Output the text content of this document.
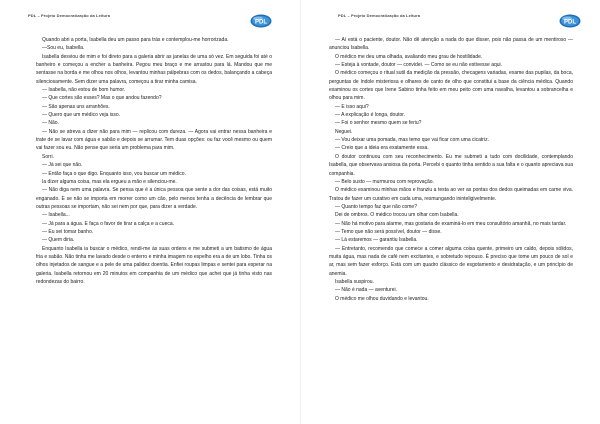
PDL – Projeto Democratização da Leitura
PDL

Quando abri a porta, Isabella deu um passo para trás e contemplou-me horrorizada.

—Sou eu, Isabella.

Isabella desviou de mim e foi direto para a galeria abrir as janelas de uma só vez. Em seguida foi até o banheiro e começou a encher a banheira. Pegou meu braço e me arrastou para lá. Mandou que me sentasse na borda e me olhou nos olhos, levantou minhas pálpebras com os dedos, balançando a cabeça silenciosamente. Sem dizer uma palavra, começou a tirar minha camisa.

— Isabella, não estou de bom humor.

— Que cortes são esses? Mas o que andou fazendo?

— São apenas uns arranhões.

— Quero que um médico veja isso.

— Não.

— Não se atreva a dizer não para mim — replicou com dureza. — Agora vai entrar nessa banheira e trate de se lavar com água e sabão e depois se arrumar. Tem duas opções: ou faz você mesmo ou quem vai fazer sou eu. Não pense que seria um problema para mim.

Sorri.

— Já sei que não.

— Então faça o que digo. Enquanto isso, vou buscar um médico.

Ia dizer alguma coisa, mas ela ergueu a mão e silenciou-me.

— Não diga nem uma palavra. Se pensa que é a única pessoa que sente a dor das coisas, está muito enganado. E se não se importa em morrer como um cão, pelo menos tenha a decência de lembrar que outras pessoas se importam, não sei nem por que, para dizer a verdade.

— Isabella...

— Já para a água. E faça o favor de tirar a calça e a cueca.

— Eu sei tomar banho.

— Quem diria.

Enquanto Isabella ia buscar o médico, rendi-me às suas ordens e me submeti a um batismo de água fria e sabão. Não tinha me lavado desde o enterro e minha imagem no espelho era a de um lobo. Tinha os olhos injetados de sangue e a pele de uma palidez doentia. Enfiei roupas limpas e sentei para esperar na galeria. Isabella retornou em 20 minutos em companhia de um médico que achei que já tinha visto nas redondezas do bairro.

PDL – Projeto Democratização da Leitura
PDL

— Aí está o paciente, doutor. Não dê atenção a nada do que disser, pois não passa de um mentiroso — anunciou Isabella.

O médico me deu uma olhada, avaliando meu grau de hostilidade.

— Esteja à vontade, doutor — convidei. — Como se eu não estivesse aqui.

O médico começou o ritual sutil da medição da pressão, checagens variadas, exame das pupilas, da boca, perguntas de índole misteriosa e olhares de canto de olho que constitui a base da ciência médica. Quando examinou os cortes que Irene Sabino tinha feito em meu peito com uma navalha, levantou a sobrancelha e olhou para mim.

— E isso aqui?

— A explicação é longa, doutor.

— Foi o senhor mesmo quem se feriu?

Neguei.

— Vou deixar uma pomada, mas temo que vai ficar com uma cicatriz.

— Creio que a ideia era exatamente essa.

O doutor continuou com seu reconhecimento. Eu me submeti a tudo com docilidade, contemplando Isabella, que observava ansiosa da porta. Percebi o quanto tinha sentido a sua falta e o quanto apreciava sua companhia.

— Belo susto — murmurou com reprovação.

O médico examinou minhas mãos e franziu a testa ao ver as pontas dos dedos queimadas em carne viva. Tratou de fazer um curativo em cada uma, resmungando ininteligivelmente.

— Quanto tempo faz que não come?

Dei de ombros. O médico trocou um olhar com Isabella.

— Não há motivo para alarme, mas gostaria de examiná-lo em meu consultório amanhã, no mais tardar.

— Temo que não será possível, doutor — disse.

— Lá estaremos — garantiu Isabella.

— Entretanto, recomendo que comece a comer alguma coisa quente, primeiro um caldo, depois sólidos, muita água, mas nada de café nem excitantes, e sobretudo repouso. É preciso que tome um pouco de sol e ar, mas sem fazer esforço. Está com um quadro clássico de esgotamento e desidratação, e um princípio de anemia.

Isabella suspirou.

— Não é nada — aventurei.

O médico me olhou duvidando e levantou.
